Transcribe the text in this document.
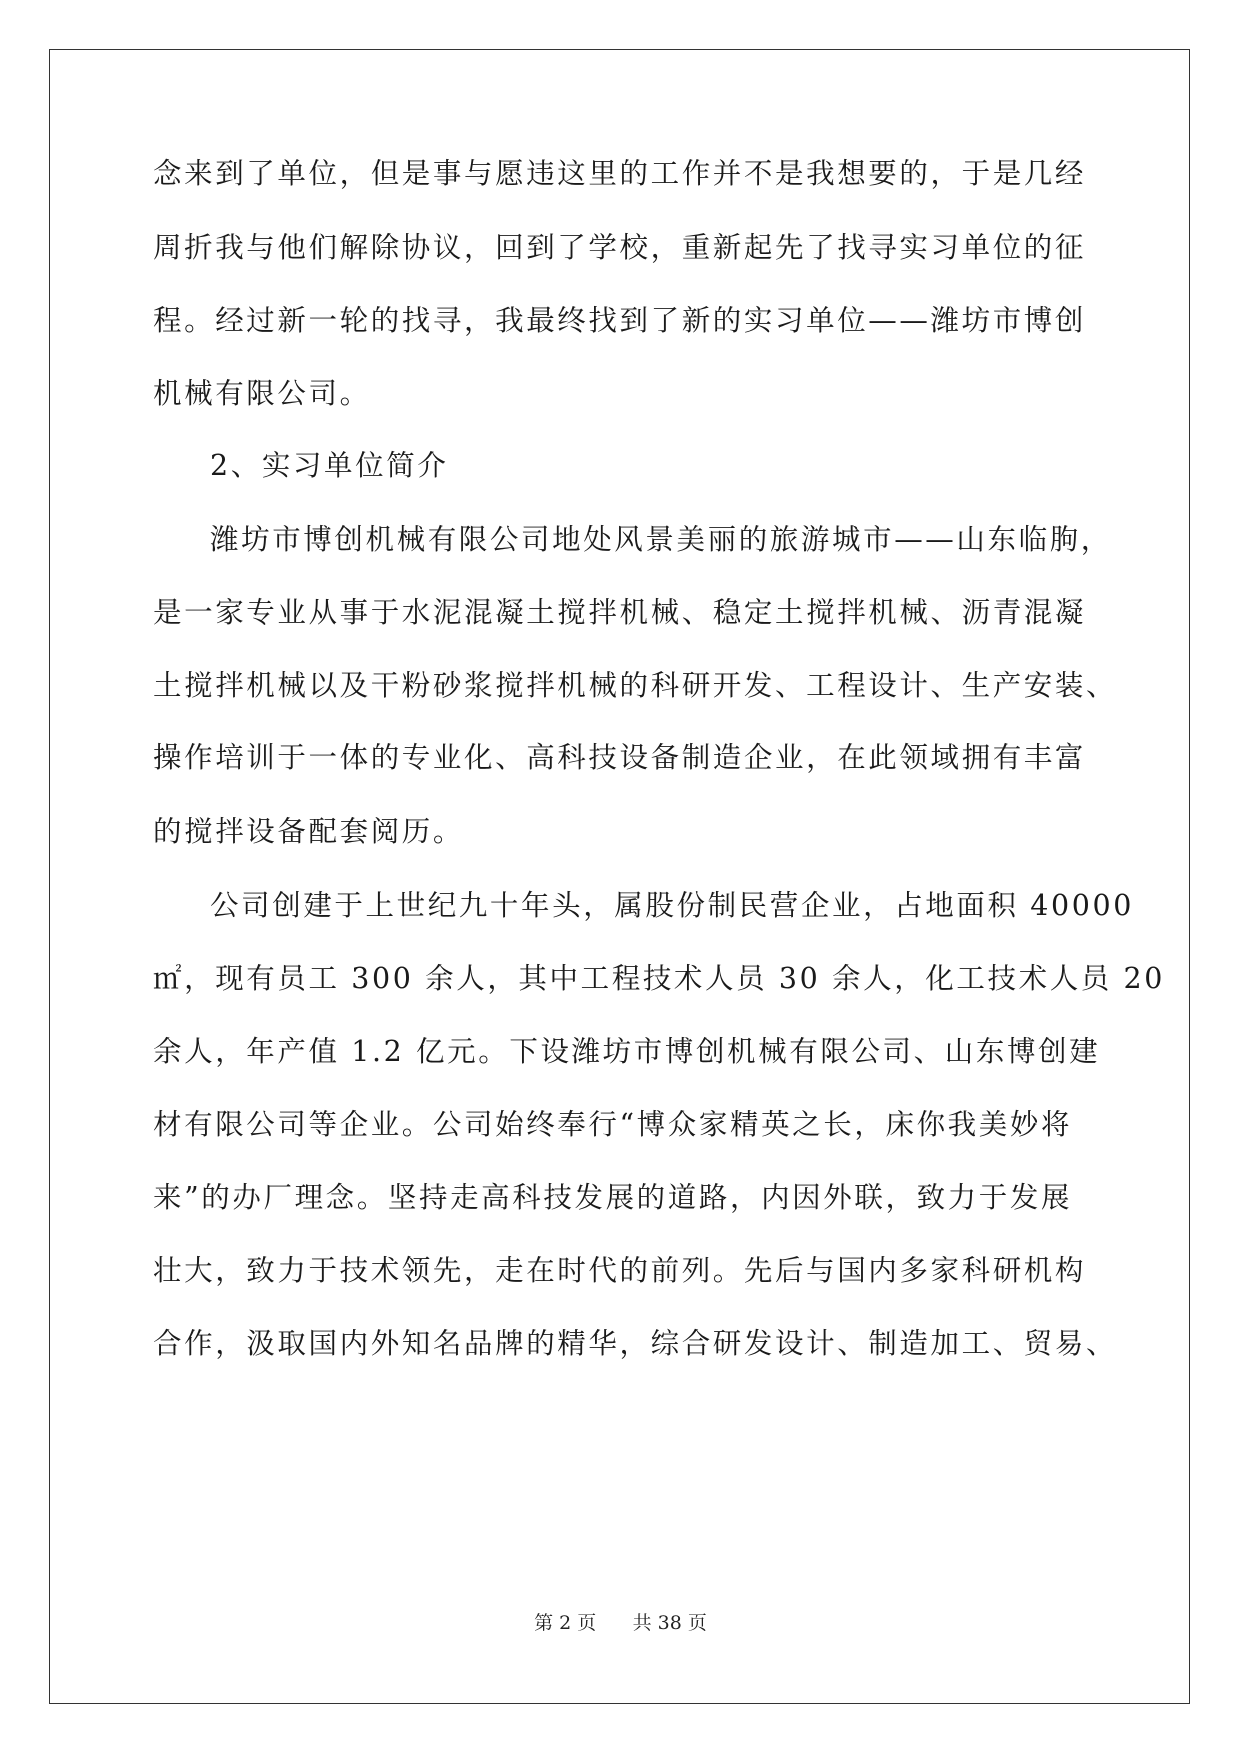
念来到了单位，但是事与愿违这里的工作并不是我想要的，于是几经
周折我与他们解除协议，回到了学校，重新起先了找寻实习单位的征
程。经过新一轮的找寻，我最终找到了新的实习单位——潍坊市博创
机械有限公司。
2、实习单位简介
潍坊市博创机械有限公司地处风景美丽的旅游城市——山东临朐，
是一家专业从事于水泥混凝土搅拌机械、稳定土搅拌机械、沥青混凝
土搅拌机械以及干粉砂浆搅拌机械的科研开发、工程设计、生产安装、
操作培训于一体的专业化、高科技设备制造企业，在此领域拥有丰富
的搅拌设备配套阅历。
公司创建于上世纪九十年头，属股份制民营企业，占地面积 40000
㎡，现有员工 300 余人，其中工程技术人员 30 余人，化工技术人员 20
余人，年产值 1.2 亿元。下设潍坊市博创机械有限公司、山东博创建
材有限公司等企业。公司始终奉行“博众家精英之长，床你我美妙将
来”的办厂理念。坚持走高科技发展的道路，内因外联，致力于发展
壮大，致力于技术领先，走在时代的前列。先后与国内多家科研机构
合作，汲取国内外知名品牌的精华，综合研发设计、制造加工、贸易、
第 2 页 共 38 页
